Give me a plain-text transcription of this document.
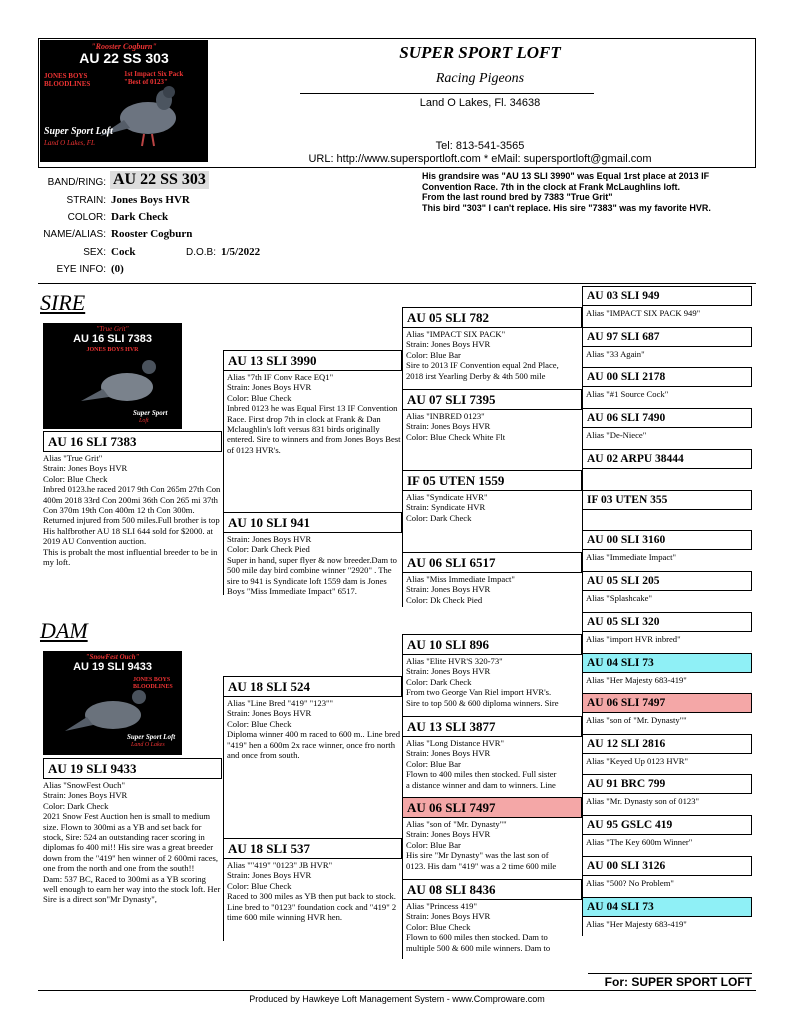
"Rooster Cogburn"
AU 22 SS 303
JONES BOYS
BLOODLINES
1st Impact Six Pack
"Best of 0123"
Super Sport Loft
Land O Lakes, FL
SUPER SPORT LOFT
Racing Pigeons
Land O Lakes, Fl. 34638
Tel: 813-541-3565
URL: http://www.supersportloft.com * eMail: supersportloft@gmail.com
BAND/RING: AU 22 SS 303
STRAIN: Jones Boys HVR
COLOR: Dark Check
NAME/ALIAS: Rooster Cogburn
SEX: Cock	D.O.B: 1/5/2022
EYE INFO: (0)
His grandsire was "AU 13 SLI 3990" was Equal 1rst place at 2013 IF
Convention Race. 7th in the clock at Frank McLaughlins loft.
From the last round bred by 7383 "True Grit"
This bird "303" I can't replace. His sire "7383" was my favorite HVR.
SIRE
"True Grit"
AU 16 SLI 7383
JONES BOYS HVR
Super Sport
Loft
AU 16 SLI 7383
Alias "True Grit"
Strain: Jones Boys HVR
Color: Blue Check
Inbred 0123.he raced 2017 9th Con 265m 27th Con 400m 2018 33rd Con 200mi 36th Con 265 mi 37th Con 370m 19th Con 400m 12 th Con 300m. Returned injured from 500 miles.Full brother is top His halfbrother AU 18 SLI 644 sold for $2000. at 2019 AU Convention auction.
This is probalt the most influential breeder to be in my loft.
DAM
"SnowFest Ouch"
AU 19 SLI 9433
JONES BOYS BLOODLINES
Super Sport Loft
Land O Lakes
AU 19 SLI 9433
Alias "SnowFest Ouch"
Strain: Jones Boys HVR
Color: Dark Check
2021 Snow Fest Auction hen is small to medium size. Flown to 300mi as a YB and set back for stock, Sire: 524 an outstanding racer scoring in diplomas fo 400 mi!! His sire was a great breeder down from the "419" hen winner of 2 600mi races, one from the north and one from the south!!
Dam: 537 BC, Raced to 300mi as a YB scoring well enough to earn her way into the stock loft. Her Sire is a direct son"Mr Dynasty",
AU 13 SLI 3990
Alias "7th IF Conv Race EQ1"
Strain: Jones Boys HVR
Color: Blue Check
Inbred 0123 he was Equal First 13 IF Convention Race. First drop 7th in clock at Frank & Dan Mclaughlin's loft versus 831 birds originally entered. Sire to winners and from Jones Boys Best of 0123 HVR's.
AU 10 SLI 941
Strain: Jones Boys HVR
Color: Dark Check Pied
Super in hand, super flyer & now breeder.Dam to 500 mile day bird combine winner "2920" . The sire to 941 is Syndicate loft 1559 dam is Jones Boys "Miss Immediate Impact" 6517.
AU 18 SLI 524
Alias "Line Bred "419" "123""
Strain: Jones Boys HVR
Color: Blue Check
Diploma winner 400 m raced to 600 m.. Line bred "419" hen a 600m 2x race winner, once fro north and once from south.
AU 18 SLI 537
Alias ""419" "0123" JB HVR"
Strain: Jones Boys HVR
Color: Blue Check
Raced to 300 miles as YB then put back to stock. Line bred to "0123" foundation cock and "419" 2 time 600 mile winning HVR hen.
AU 05 SLI 782
Alias "IMPACT SIX PACK"
Strain: Jones Boys HVR
Color: Blue Bar
Sire to 2013 IF Convention equal 2nd Place,
2018 irst Yearling Derby & 4th 500 mile
AU 07 SLI 7395
Alias "INBRED 0123"
Strain: Jones Boys HVR
Color: Blue Check White Flt
IF 05 UTEN 1559
Alias "Syndicate HVR"
Strain: Syndicate HVR
Color: Dark Check
AU 06 SLI 6517
Alias "Miss Immediate Impact"
Strain: Jones Boys HVR
Color: Dk Check Pied
AU 10 SLI 896
Alias "Elite HVR'S 320-73"
Strain: Jones Boys HVR
Color: Dark Check
From two George Van Riel import HVR's.
Sire to top 500 & 600 diploma winners. Sire
AU 13 SLI 3877
Alias "Long Distance HVR"
Strain: Jones Boys HVR
Color: Blue Bar
Flown to 400 miles then stocked. Full sister
a distance winner and dam to winners. Line
AU 06 SLI 7497
Alias "son of "Mr. Dynasty""
Strain: Jones Boys HVR
Color: Blue Bar
His sire "Mr Dynasty" was the last son of
0123. His dam "419" was a 2 time 600 mile
AU 08 SLI 8436
Alias "Princess 419"
Strain: Jones Boys HVR
Color: Blue Check
Flown to 600 miles then stocked. Dam to
multiple 500 & 600 mile winners. Dam to
AU 03 SLI 949
Alias "IMPACT SIX PACK 949"
AU 97 SLI 687
Alias "33 Again"
AU 00 SLI 2178
Alias "#1 Source Cock"
AU 06 SLI 7490
Alias "De-Niece"
AU 02 ARPU 38444
IF 03 UTEN 355
AU 00 SLI 3160
Alias "Immediate Impact"
AU 05 SLI 205
Alias "Splashcake"
AU 05 SLI 320
Alias "import HVR inbred"
AU 04 SLI 73
Alias "Her Majesty 683-419"
AU 06 SLI 7497
Alias "son of "Mr. Dynasty""
AU 12 SLI 2816
Alias "Keyed Up 0123 HVR"
AU 91 BRC 799
Alias "Mr. Dynasty son of 0123"
AU 95 GSLC 419
Alias "The Key 600m Winner"
AU 00 SLI 3126
Alias "500? No Problem"
AU 04 SLI 73
Alias "Her Majesty 683-419"
For: SUPER SPORT LOFT
Produced by Hawkeye Loft Management System - www.Comproware.com
